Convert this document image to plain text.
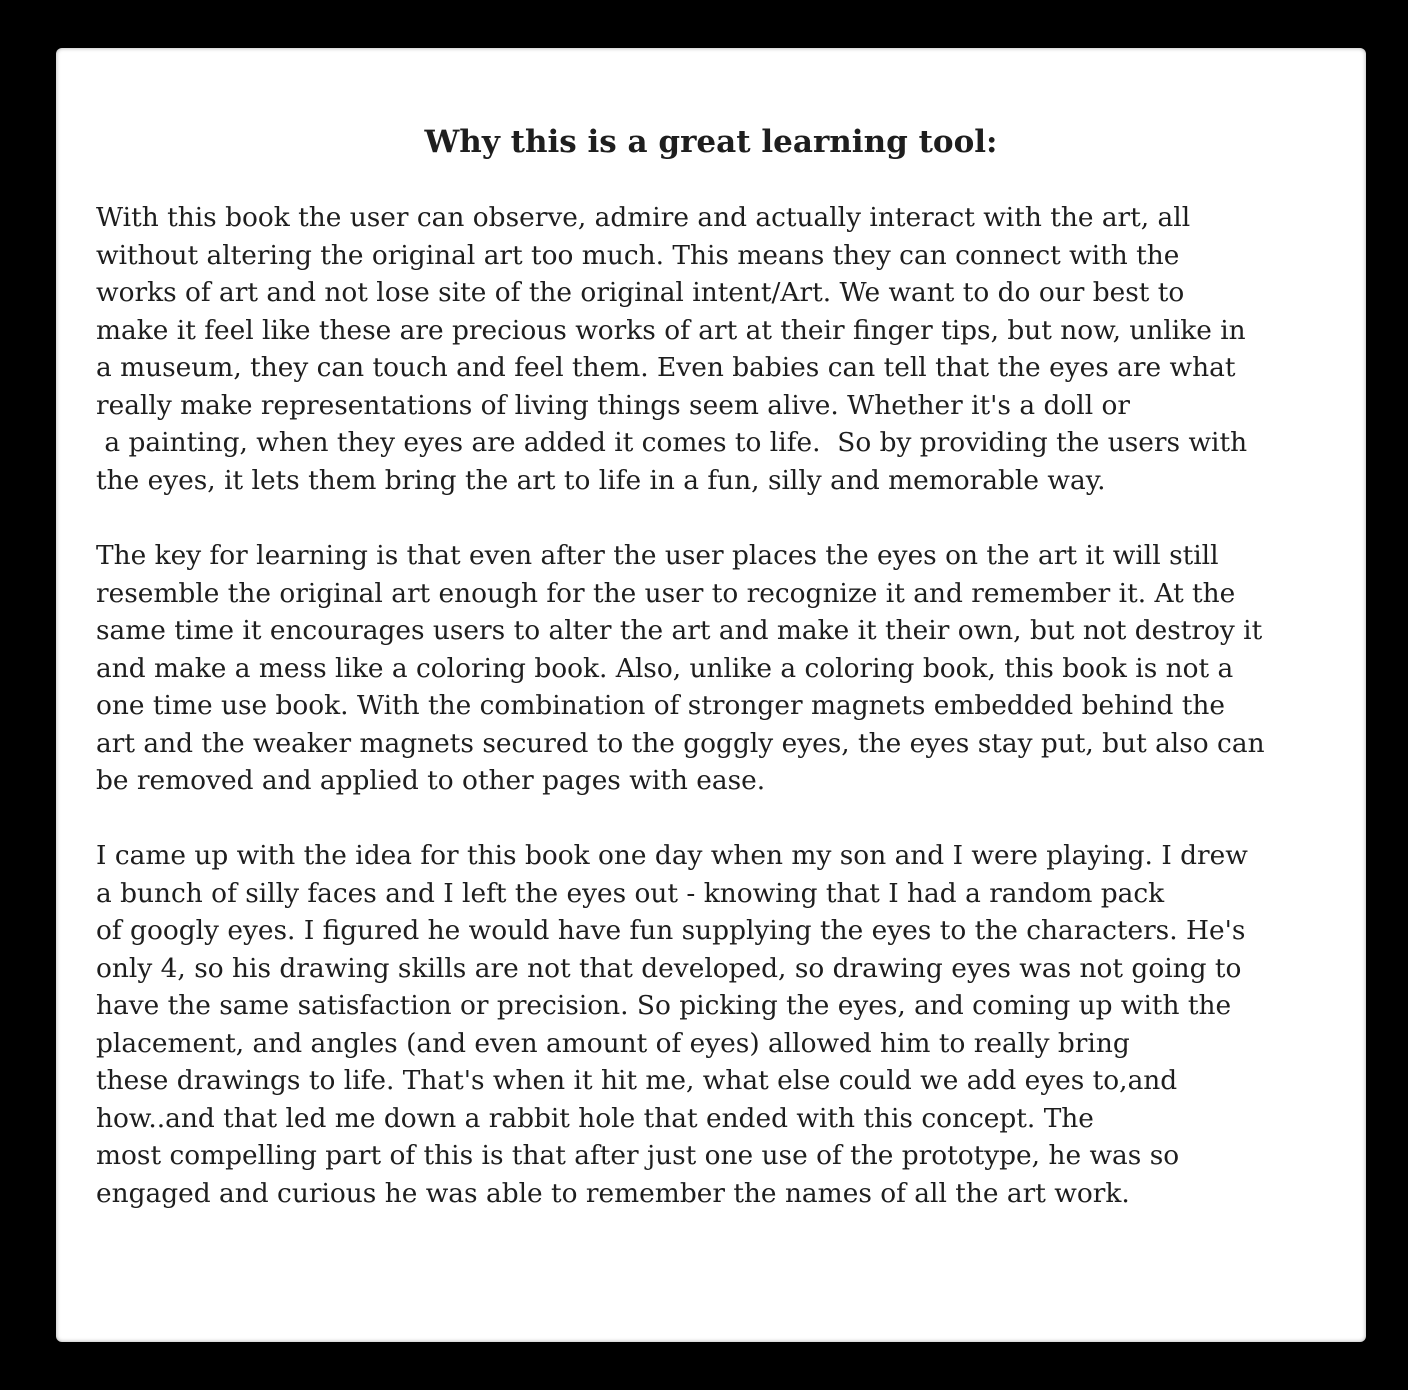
Why this is a great learning tool:
With this book the user can observe, admire and actually interact with the art, all
without altering the original art too much. This means they can connect with the
works of art and not lose site of the original intent/Art. We want to do our best to
make it feel like these are precious works of art at their finger tips, but now, unlike in
a museum, they can touch and feel them. Even babies can tell that the eyes are what
really make representations of living things seem alive. Whether it's a doll or
a painting, when they eyes are added it comes to life.  So by providing the users with
the eyes, it lets them bring the art to life in a fun, silly and memorable way.
The key for learning is that even after the user places the eyes on the art it will still
resemble the original art enough for the user to recognize it and remember it. At the
same time it encourages users to alter the art and make it their own, but not destroy it
and make a mess like a coloring book. Also, unlike a coloring book, this book is not a
one time use book. With the combination of stronger magnets embedded behind the
art and the weaker magnets secured to the goggly eyes, the eyes stay put, but also can
be removed and applied to other pages with ease.
I came up with the idea for this book one day when my son and I were playing. I drew
a bunch of silly faces and I left the eyes out - knowing that I had a random pack
of googly eyes. I figured he would have fun supplying the eyes to the characters. He's
only 4, so his drawing skills are not that developed, so drawing eyes was not going to
have the same satisfaction or precision. So picking the eyes, and coming up with the
placement, and angles (and even amount of eyes) allowed him to really bring
these drawings to life. That's when it hit me, what else could we add eyes to,and
how..and that led me down a rabbit hole that ended with this concept. The
most compelling part of this is that after just one use of the prototype, he was so
engaged and curious he was able to remember the names of all the art work.
